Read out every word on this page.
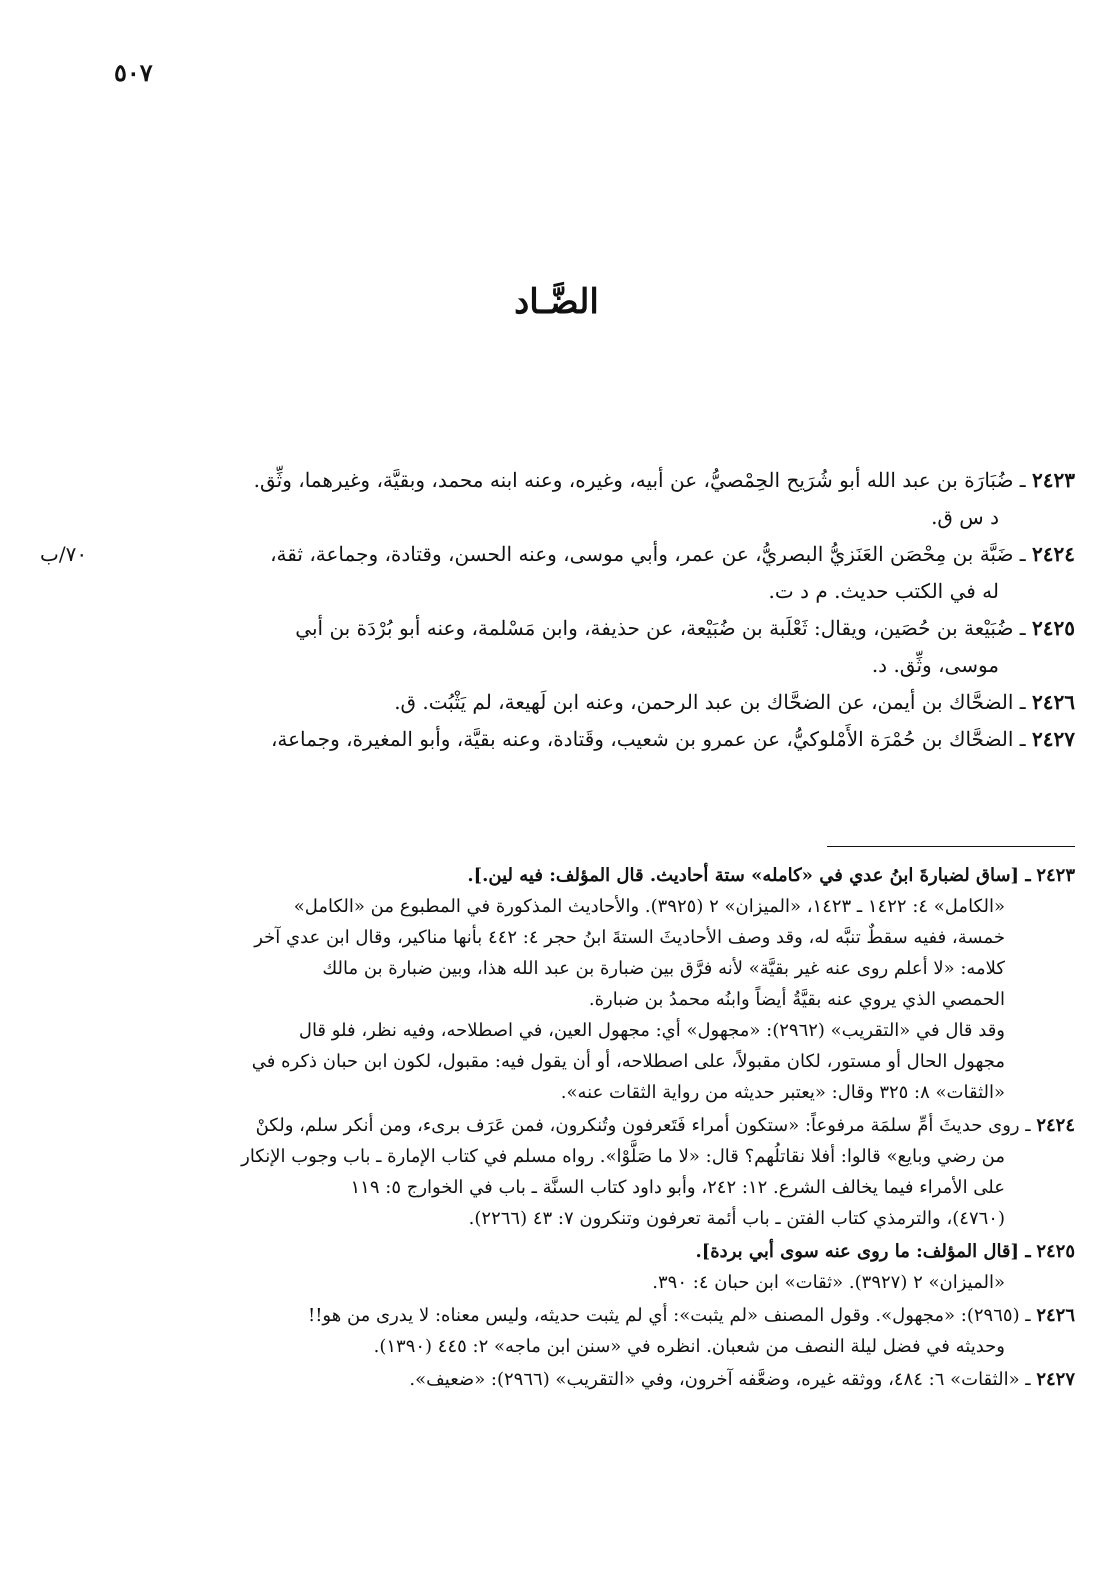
٥٠٧
الضَّـاد
٢٤٢٣ ـ ضُبَارَة بن عبد الله أبو شُرَيح الحِمْصيُّ، عن أبيه، وغيره، وعنه ابنه محمد، وبقيَّة، وغيرهما، وثِّق.
د س ق.
٧٠/ب	٢٤٢٤ ـ ضَبَّة بن مِحْصَن العَنَزيُّ البصريُّ، عن عمر، وأبي موسى، وعنه الحسن، وقتادة، وجماعة، ثقة،
له في الكتب حديث. م د ت.
٢٤٢٥ ـ ضُبَيْعة بن حُصَين، ويقال: ثَعْلَبة بن ضُبَيْعة، عن حذيفة، وابن مَسْلمة، وعنه أبو بُرْدَة بن أبي
موسى، وثِّق. د.
٢٤٢٦ ـ الضحَّاك بن أيمن، عن الضحَّاك بن عبد الرحمن، وعنه ابن لَهيعة، لم يَثْبُت. ق.
٢٤٢٧ ـ الضحَّاك بن حُمْرَة الأَمْلوكيُّ، عن عمرو بن شعيب، وقَتادة، وعنه بقيَّة، وأبو المغيرة، وجماعة،
٢٤٢٣ ـ [ساق لضبارةَ ابنُ عدي في «كامله» ستة أحاديث. قال المؤلف: فيه لين.].
«الكامل» ٤: ١٤٢٢ ـ ١٤٢٣، «الميزان» ٢ (٣٩٢٥). والأحاديث المذكورة في المطبوع من «الكامل»
خمسة، ففيه سقطٌ تنبَّه له، وقد وصف الأحاديثَ الستةَ ابنُ حجر ٤: ٤٤٢ بأنها مناكير، وقال ابن عدي آخر
كلامه: «لا أعلم روى عنه غير بقيَّة» لأنه فرَّق بين ضبارة بن عبد الله هذا، وبين ضبارة بن مالك
الحمصي الذي يروي عنه بقيَّةُ أيضاً وابنُه محمدُ بن ضبارة.
وقد قال في «التقريب» (٢٩٦٢): «مجهول» أي: مجهول العين، في اصطلاحه، وفيه نظر، فلو قال
مجهول الحال أو مستور، لكان مقبولاً، على اصطلاحه، أو أن يقول فيه: مقبول، لكون ابن حبان ذكره في
«الثقات» ٨: ٣٢٥ وقال: «يعتبر حديثه من رواية الثقات عنه».
٢٤٢٤ ـ روى حديثَ أمِّ سلمَة مرفوعاً: «ستكون أمراء فَتَعرفون وتُنكرون، فمن عَرَف برىء، ومن أنكر سلم، ولكنْ
من رضي وبايع» قالوا: أفلا نقاتلُهم؟ قال: «لا ما صَلَّوْا». رواه مسلم في كتاب الإمارة ـ باب وجوب الإنكار
على الأمراء فيما يخالف الشرع. ١٢: ٢٤٢، وأبو داود كتاب السنَّة ـ باب في الخوارج ٥: ١١٩
(٤٧٦٠)، والترمذي كتاب الفتن ـ باب أئمة تعرفون وتنكرون ٧: ٤٣ (٢٢٦٦).
٢٤٢٥ ـ [قال المؤلف: ما روى عنه سوى أبي بردة].
«الميزان» ٢ (٣٩٢٧). «ثقات» ابن حبان ٤: ٣٩٠.
٢٤٢٦ ـ (٢٩٦٥): «مجهول». وقول المصنف «لم يثبت»: أي لم يثبت حديثه، وليس معناه: لا يدرى من هو!!
وحديثه في فضل ليلة النصف من شعبان. انظره في «سنن ابن ماجه» ٢: ٤٤٥ (١٣٩٠).
٢٤٢٧ ـ «الثقات» ٦: ٤٨٤، ووثقه غيره، وضعَّفه آخرون، وفي «التقريب» (٢٩٦٦): «ضعيف».
